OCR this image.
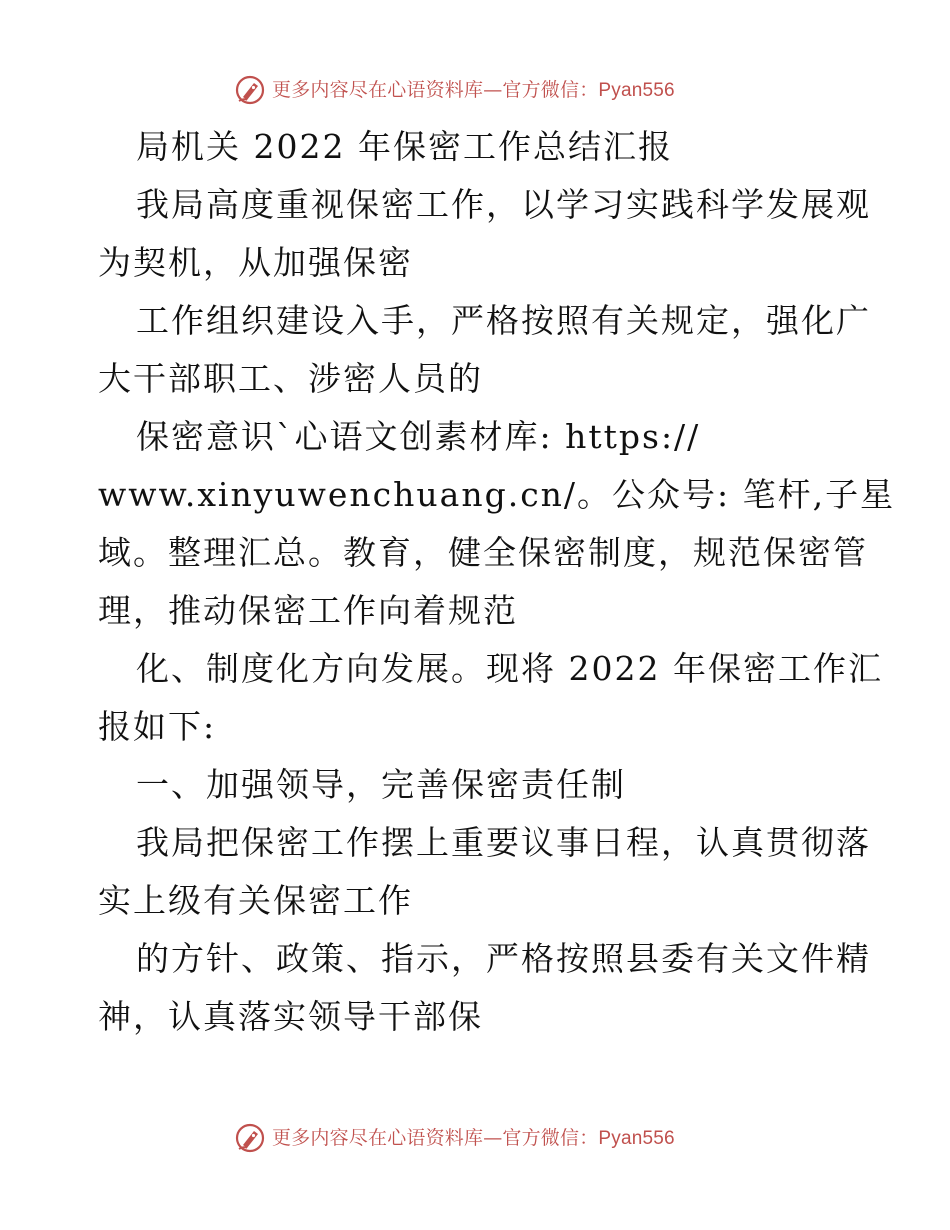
更多内容尽在心语资料库—官方微信：Pyan556
局机关 2022 年保密工作总结汇报
我局高度重视保密工作，以学习实践科学发展观
为契机，从加强保密
工作组织建设入手，严格按照有关规定，强化广
大干部职工、涉密人员的
保密意识`心语文创素材库: https://
www.xinyuwenchuang.cn/。公众号: 笔杆,子星
域。整理汇总。教育，健全保密制度，规范保密管
理，推动保密工作向着规范
化、制度化方向发展。现将 2022 年保密工作汇
报如下:
一、加强领导，完善保密责任制
我局把保密工作摆上重要议事日程，认真贯彻落
实上级有关保密工作
的方针、政策、指示，严格按照县委有关文件精
神，认真落实领导干部保
更多内容尽在心语资料库—官方微信：Pyan556
